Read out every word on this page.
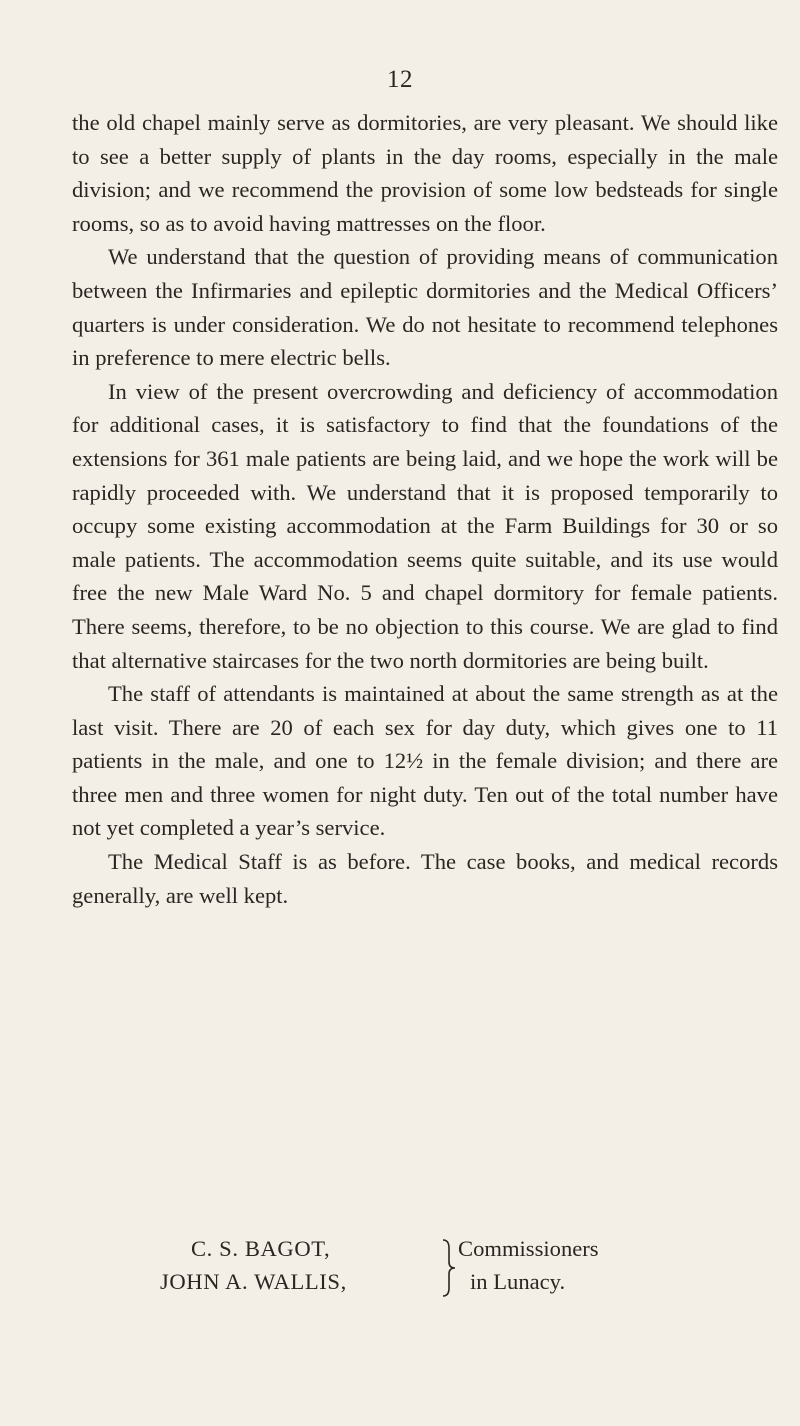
12

the old chapel mainly serve as dormitories, are very pleasant. We should like to see a better supply of plants in the day rooms, especially in the male division; and we recommend the provision of some low bedsteads for single rooms, so as to avoid having mattresses on the floor.

We understand that the question of providing means of communication between the Infirmaries and epileptic dormitories and the Medical Officers’ quarters is under consideration. We do not hesitate to recommend telephones in preference to mere electric bells.

In view of the present overcrowding and deficiency of accommodation for additional cases, it is satisfactory to find that the foundations of the extensions for 361 male patients are being laid, and we hope the work will be rapidly proceeded with. We understand that it is proposed temporarily to occupy some existing accommodation at the Farm Buildings for 30 or so male patients. The accommodation seems quite suitable, and its use would free the new Male Ward No. 5 and chapel dormitory for female patients. There seems, therefore, to be no objection to this course. We are glad to find that alternative staircases for the two north dormitories are being built.

The staff of attendants is maintained at about the same strength as at the last visit. There are 20 of each sex for day duty, which gives one to 11 patients in the male, and one to 12½ in the female division; and there are three men and three women for night duty. Ten out of the total number have not yet completed a year’s service.

The Medical Staff is as before. The case books, and medical records generally, are well kept.

C. S. BAGOT,
JOHN A. WALLIS,
Commissioners
in Lunacy.
